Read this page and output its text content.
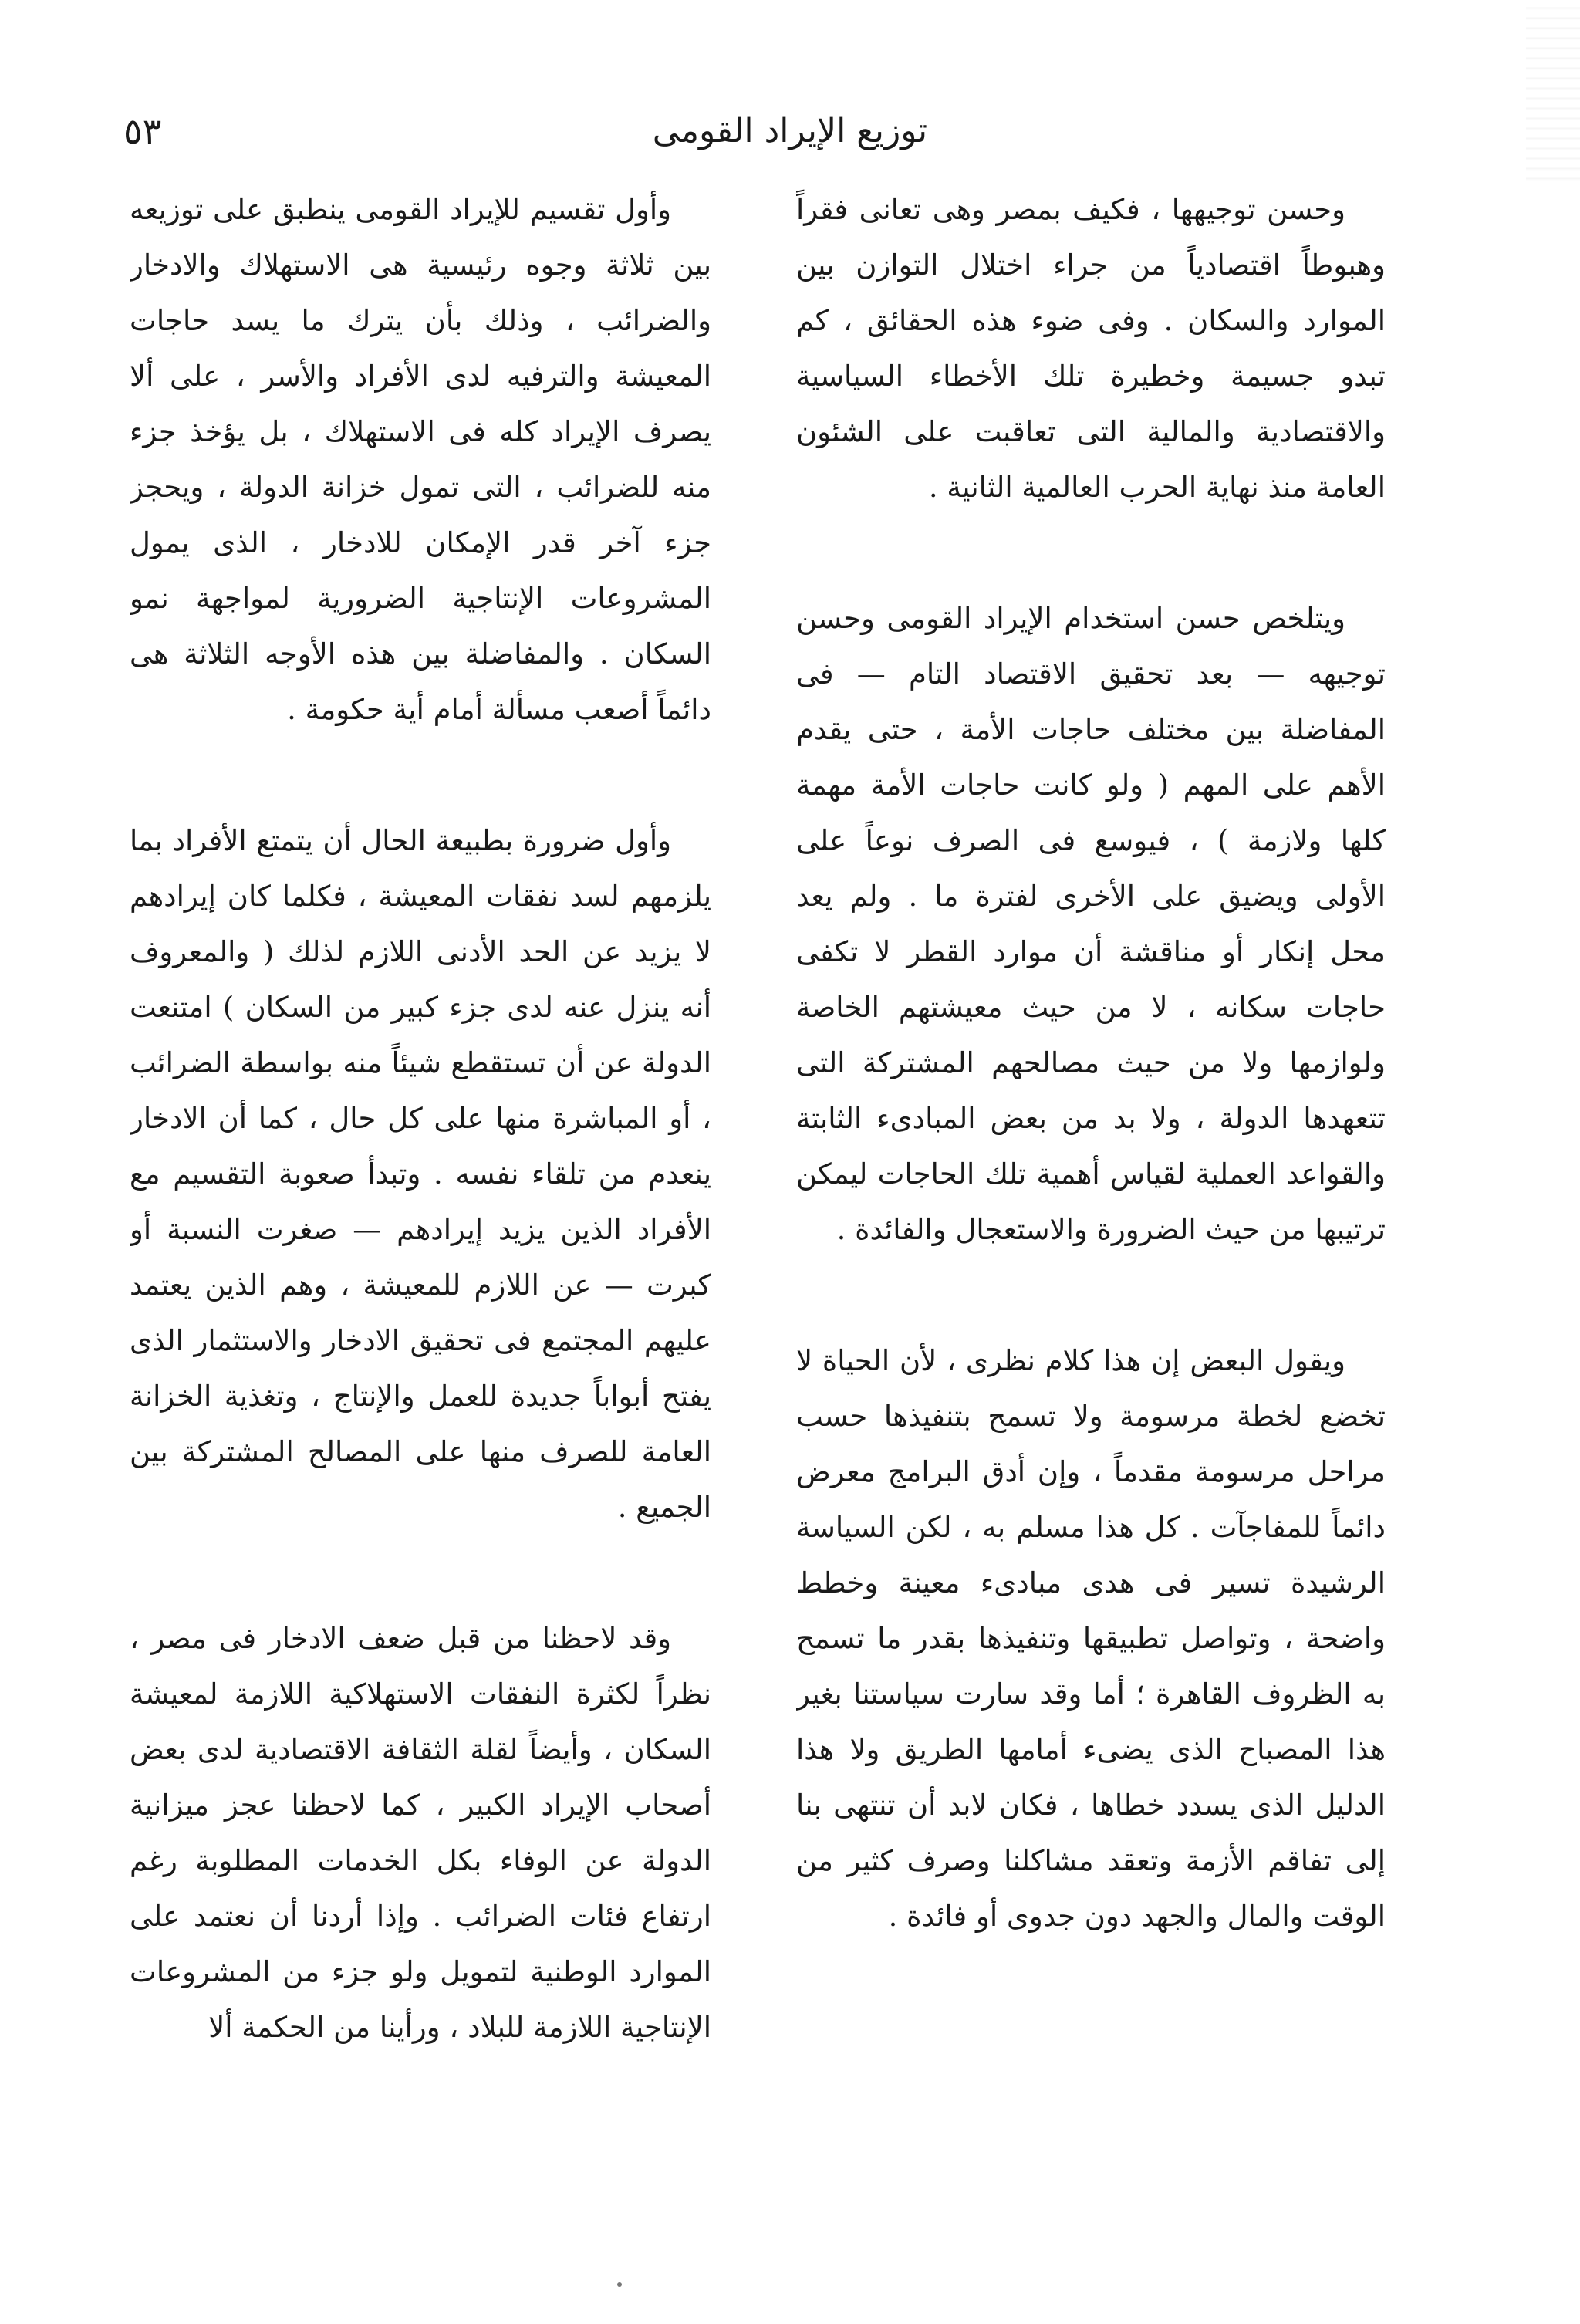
توزيع الإيراد القومى
٥٣

وحسن توجيهها ، فكيف بمصر وهى تعانى فقراً وهبوطاً اقتصادياً من جراء اختلال التوازن بين الموارد والسكان . وفى ضوء هذه الحقائق ، كم تبدو جسيمة وخطيرة تلك الأخطاء السياسية والاقتصادية والمالية التى تعاقبت على الشئون العامة منذ نهاية الحرب العالمية الثانية .

ويتلخص حسن استخدام الإيراد القومى وحسن توجيهه — بعد تحقيق الاقتصاد التام — فى المفاضلة بين مختلف حاجات الأمة ، حتى يقدم الأهم على المهم ( ولو كانت حاجات الأمة مهمة كلها ولازمة ) ، فيوسع فى الصرف نوعاً على الأولى ويضيق على الأخرى لفترة ما . ولم يعد محل إنكار أو مناقشة أن موارد القطر لا تكفى حاجات سكانه ، لا من حيث معيشتهم الخاصة ولوازمها ولا من حيث مصالحهم المشتركة التى تتعهدها الدولة ، ولا بد من بعض المبادىء الثابتة والقواعد العملية لقياس أهمية تلك الحاجات ليمكن ترتيبها من حيث الضرورة والاستعجال والفائدة .

ويقول البعض إن هذا كلام نظرى ، لأن الحياة لا تخضع لخطة مرسومة ولا تسمح بتنفيذها حسب مراحل مرسومة مقدماً ، وإن أدق البرامج معرض دائماً للمفاجآت . كل هذا مسلم به ، لكن السياسة الرشيدة تسير فى هدى مبادىء معينة وخطط واضحة ، وتواصل تطبيقها وتنفيذها بقدر ما تسمح به الظروف القاهرة ؛ أما وقد سارت سياستنا بغير هذا المصباح الذى يضىء أمامها الطريق ولا هذا الدليل الذى يسدد خطاها ، فكان لابد أن تنتهى بنا إلى تفاقم الأزمة وتعقد مشاكلنا وصرف كثير من الوقت والمال والجهد دون جدوى أو فائدة .

وأول تقسيم للإيراد القومى ينطبق على توزيعه بين ثلاثة وجوه رئيسية هى الاستهلاك والادخار والضرائب ، وذلك بأن يترك ما يسد حاجات المعيشة والترفيه لدى الأفراد والأسر ، على ألا يصرف الإيراد كله فى الاستهلاك ، بل يؤخذ جزء منه للضرائب ، التى تمول خزانة الدولة ، ويحجز جزء آخر قدر الإمكان للادخار ، الذى يمول المشروعات الإنتاجية الضرورية لمواجهة نمو السكان . والمفاضلة بين هذه الأوجه الثلاثة هى دائماً أصعب مسألة أمام أية حكومة .

وأول ضرورة بطبيعة الحال أن يتمتع الأفراد بما يلزمهم لسد نفقات المعيشة ، فكلما كان إيرادهم لا يزيد عن الحد الأدنى اللازم لذلك ( والمعروف أنه ينزل عنه لدى جزء كبير من السكان ) امتنعت الدولة عن أن تستقطع شيئاً منه بواسطة الضرائب ، أو المباشرة منها على كل حال ، كما أن الادخار ينعدم من تلقاء نفسه . وتبدأ صعوبة التقسيم مع الأفراد الذين يزيد إيرادهم — صغرت النسبة أو كبرت — عن اللازم للمعيشة ، وهم الذين يعتمد عليهم المجتمع فى تحقيق الادخار والاستثمار الذى يفتح أبواباً جديدة للعمل والإنتاج ، وتغذية الخزانة العامة للصرف منها على المصالح المشتركة بين الجميع .

وقد لاحظنا من قبل ضعف الادخار فى مصر ، نظراً لكثرة النفقات الاستهلاكية اللازمة لمعيشة السكان ، وأيضاً لقلة الثقافة الاقتصادية لدى بعض أصحاب الإيراد الكبير ، كما لاحظنا عجز ميزانية الدولة عن الوفاء بكل الخدمات المطلوبة رغم ارتفاع فئات الضرائب . وإذا أردنا أن نعتمد على الموارد الوطنية لتمويل ولو جزء من المشروعات الإنتاجية اللازمة للبلاد ، ورأينا من الحكمة ألا
